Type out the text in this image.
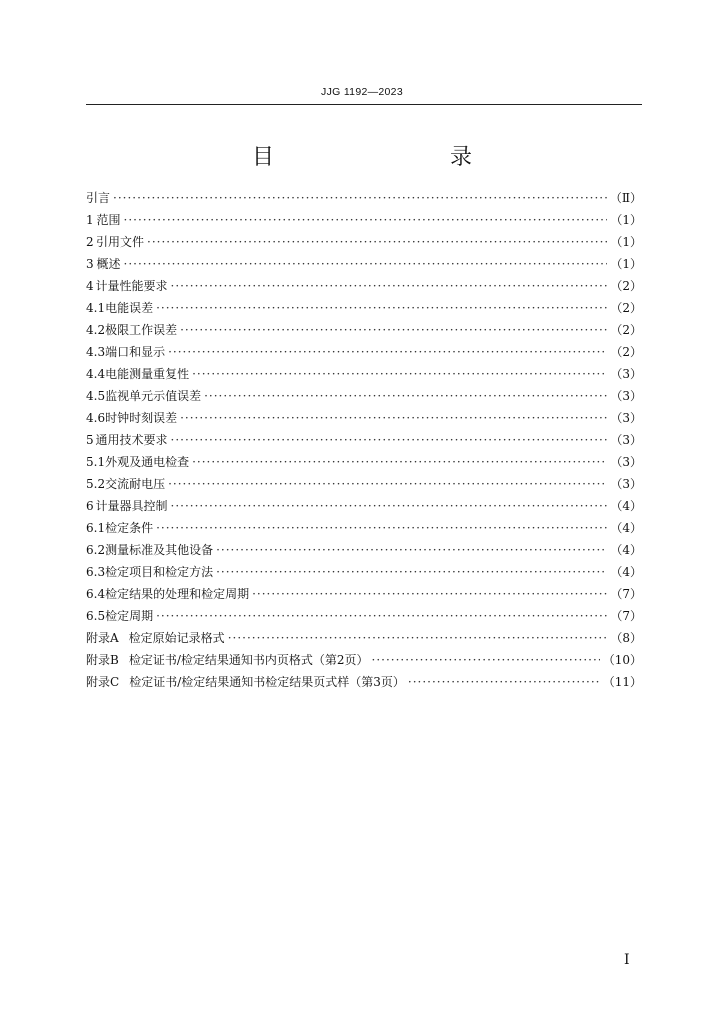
JJG 1192—2023
目　　录
引言 ·····	（Ⅱ）
1 范围 ·····	（1）
2 引用文件 ·····	（1）
3 概述 ·····	（1）
4 计量性能要求 ·····	（2）
4.1 电能误差 ·····	（2）
4.2 极限工作误差 ·····	（2）
4.3 端口和显示 ·····	（2）
4.4 电能测量重复性 ·····	（3）
4.5 监视单元示值误差 ·····	（3）
4.6 时钟时刻误差 ·····	（3）
5 通用技术要求 ·····	（3）
5.1 外观及通电检查 ·····	（3）
5.2 交流耐电压 ·····	（3）
6 计量器具控制 ·····	（4）
6.1 检定条件 ·····	（4）
6.2 测量标准及其他设备 ·····	（4）
6.3 检定项目和检定方法 ·····	（4）
6.4 检定结果的处理和检定周期 ·····	（7）
6.5 检定周期 ·····	（7）
附录A 检定原始记录格式 ·····	（8）
附录B 检定证书/检定结果通知书内页格式（第2页） ·····	（10）
附录C 检定证书/检定结果通知书检定结果页式样（第3页） ·····	（11）
Ⅰ
